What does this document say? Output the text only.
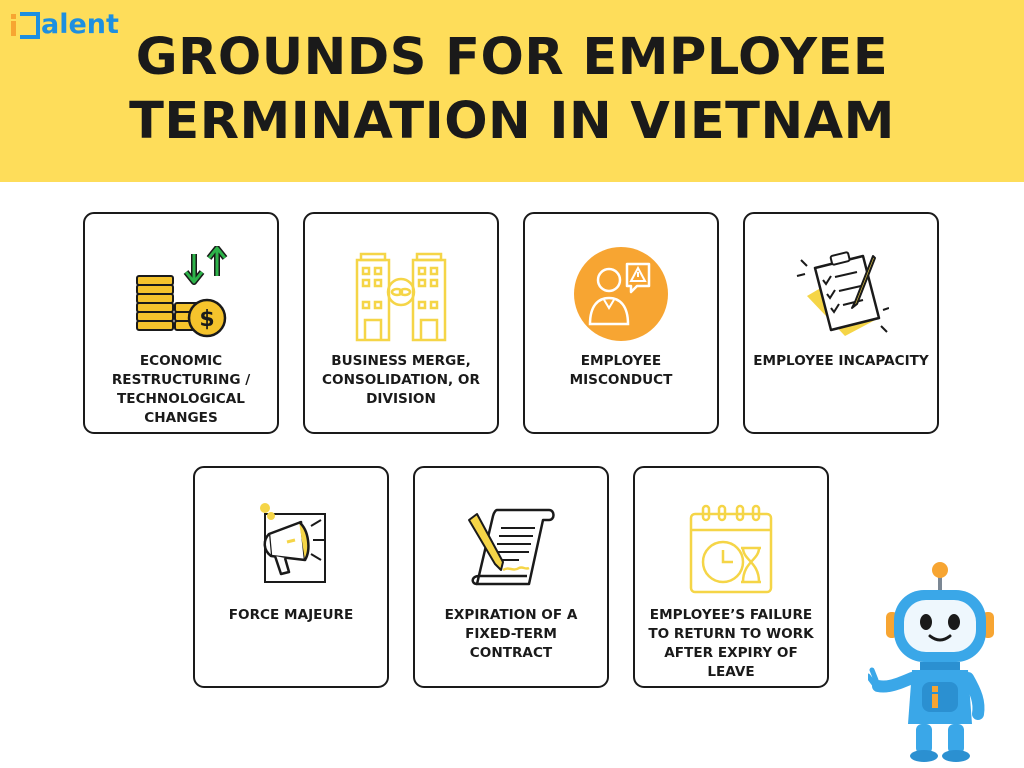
alent
GROUNDS FOR EMPLOYEE
TERMINATION IN VIETNAM
$
ECONOMIC RESTRUCTURING / TECHNOLOGICAL CHANGES
BUSINESS MERGE, CONSOLIDATION, OR DIVISION
EMPLOYEE MISCONDUCT
EMPLOYEE INCAPACITY
FORCE MAJEURE	EXPIRATION OF A FIXED-TERM CONTRACT
EMPLOYEE’S FAILURE TO RETURN TO WORK AFTER EXPIRY OF LEAVE
